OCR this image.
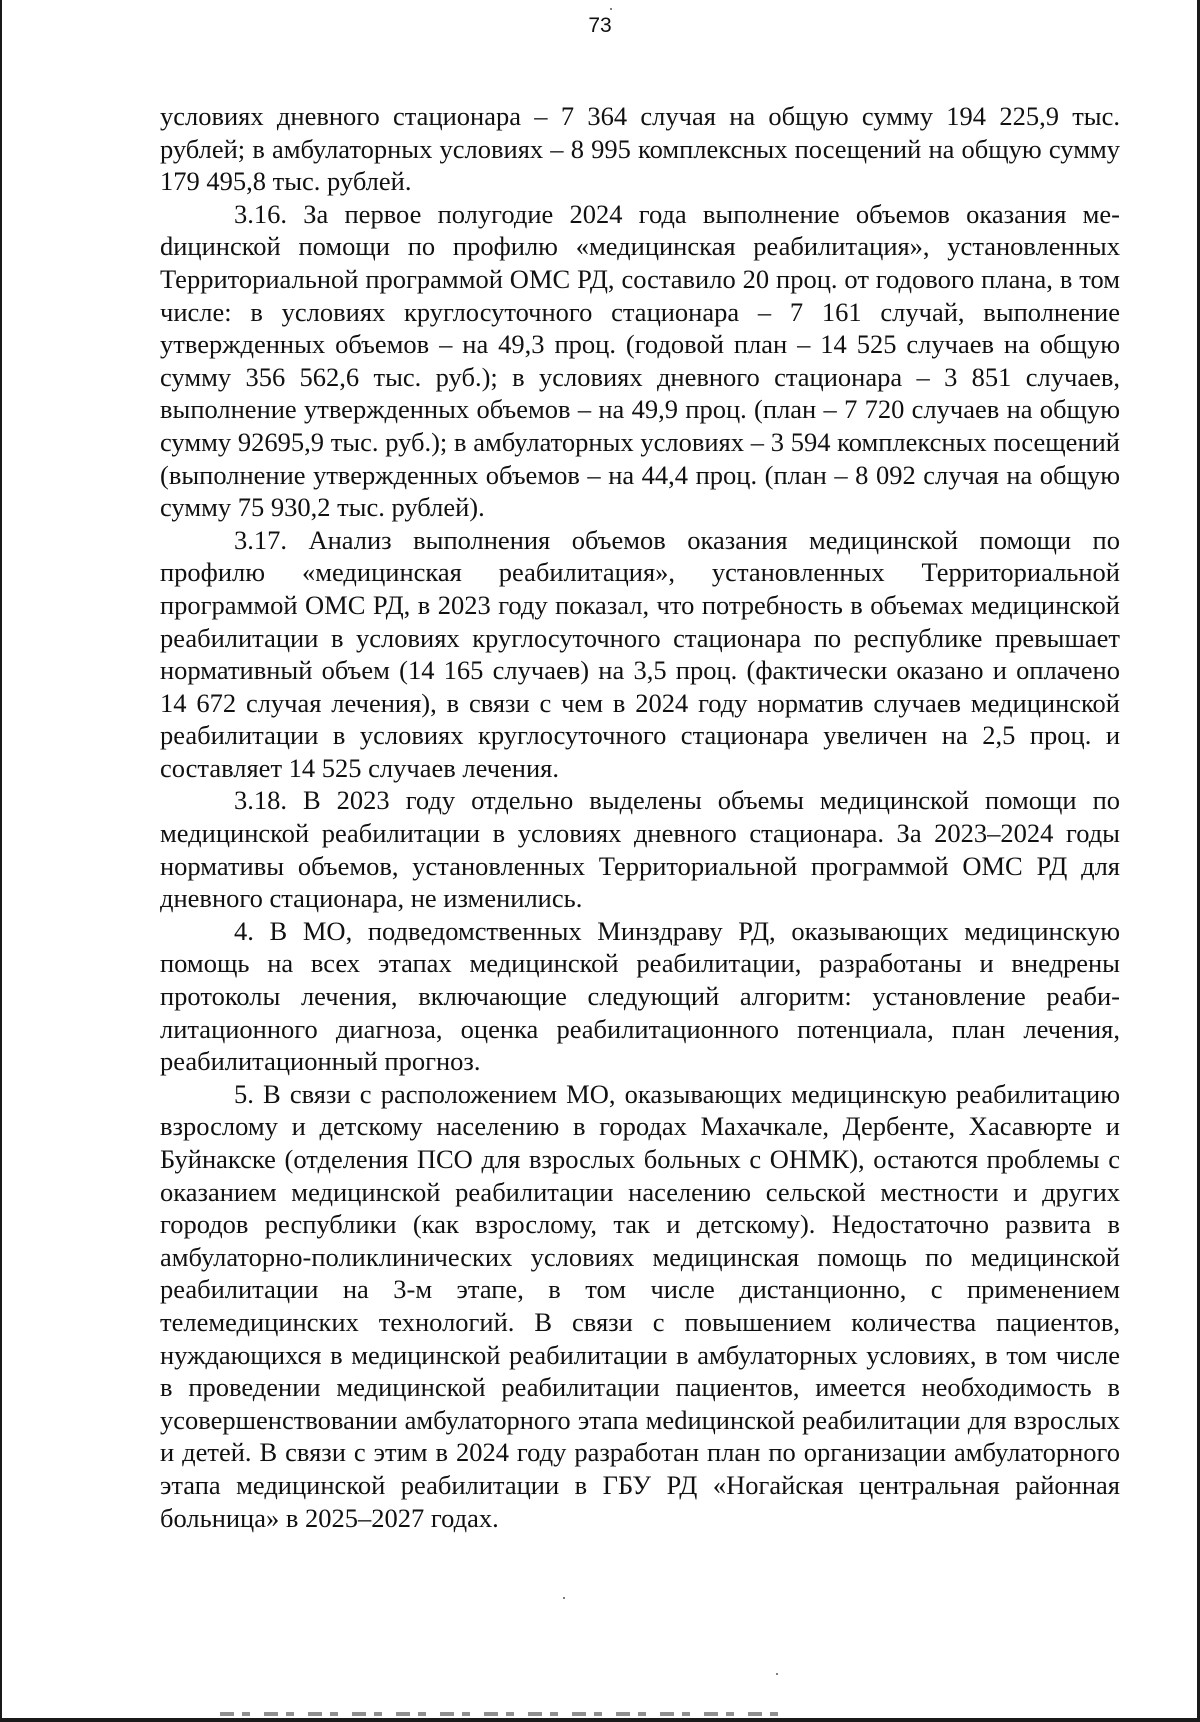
73

условиях дневного стационара – 7 364 случая на общую сумму 194 225,9 тыс. рублей; в амбулаторных условиях – 8 995 комплексных посещений на общую сумму 179 495,8 тыс. рублей.

3.16. За первое полугодие 2024 года выполнение объемов оказания меdицинской помощи по профилю «медицинская реабилитация», установленных Территориальной программой ОМС РД, составило 20 проц. от годового плана, в том числе: в условиях круглосуточного стационара – 7 161 случай, выполнение утвержденных объемов – на 49,3 проц. (годовой план – 14 525 случаев на общую сумму 356 562,6 тыс. руб.); в условиях дневного стационара – 3 851 случаев, выполнение утвержденных объемов – на 49,9 проц. (план – 7 720 случаев на общую сумму 92695,9 тыс. руб.); в амбулаторных условиях – 3 594 комплексных посещений (выполнение утвержденных объемов – на 44,4 проц. (план – 8 092 случая на общую сумму 75 930,2 тыс. рублей).

3.17. Анализ выполнения объемов оказания медицинской помощи по профилю «медицинская реабилитация», установленных Территориальной программой ОМС РД, в 2023 году показал, что потребность в объемах медицинской реабилитации в условиях круглосуточного стационара по республике превышает нормативный объем (14 165 случаев) на 3,5 проц. (фактически оказано и оплачено 14 672 случая лечения), в связи с чем в 2024 году норматив случаев медицинской реабилитации в условиях круглосуточного стационара увеличен на 2,5 проц. и составляет 14 525 случаев лечения.

3.18. В 2023 году отдельно выделены объемы медицинской помощи по медицинской реабилитации в условиях дневного стационара. За 2023–2024 годы нормативы объемов, установленных Территориальной программой ОМС РД для дневного стационара, не изменились.

4. В МО, подведомственных Минздраву РД, оказывающих медицинскую помощь на всех этапах медицинской реабилитации, разработаны и внедрены протоколы лечения, включающие следующий алгоритм: установление реабилитационного диагноза, оценка реабилитационного потенциала, план лечения, реабилитационный прогноз.

5. В связи с расположением МО, оказывающих медицинскую реабилитацию взрослому и детскому населению в городах Махачкале, Дербенте, Хасавюрте и Буйнакске (отделения ПСО для взрослых больных с ОНМК), остаются проблемы с оказанием медицинской реабилитации населению сельской местности и других городов республики (как взрослому, так и детскому). Недостаточно развита в амбулаторно-поликлинических условиях медицинская помощь по медицинской реабилитации на 3-м этапе, в том числе дистанционно, с применением телемедицинских технологий. В связи с повышением количества пациентов, нуждающихся в медицинской реабилитации в амбулаторных условиях, в том числе в проведении медицинской реабилитации пациентов, имеется необходимость в усовершенствовании амбулаторного этапа меdицинской реабилитации для взрослых и детей. В связи с этим в 2024 году разработан план по организации амбулаторного этапа медицинской реабилитации в ГБУ РД «Ногайская центральная районная больница» в 2025–2027 годах.
